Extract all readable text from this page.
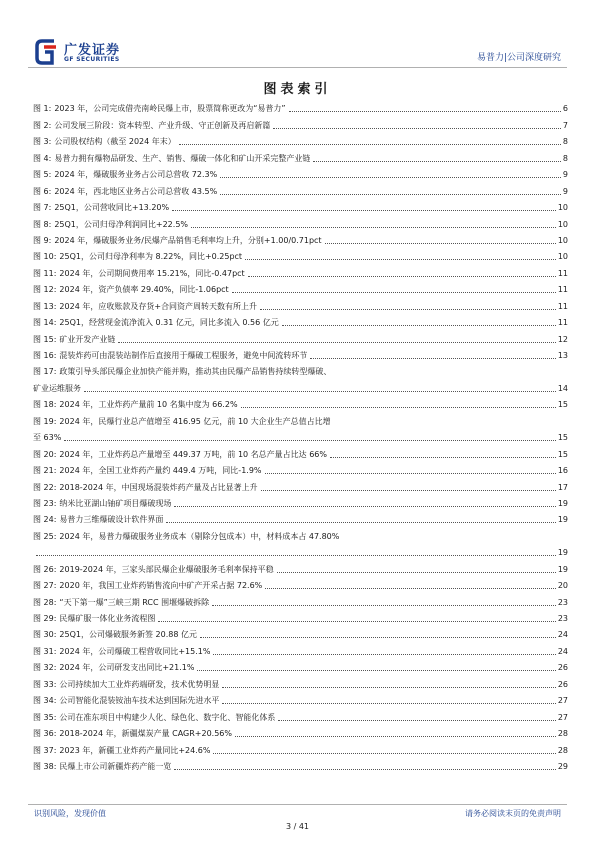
广发证券
GF SECURITIES	易普力|公司深度研究
图表索引
图 1: 2023 年，公司完成借壳南岭民爆上市，股票简称更改为“易普力”	6
图 2: 公司发展三阶段：资本转型、产业升级、守正创新及再启新篇	7
图 3: 公司股权结构（截至 2024 年末）	8
图 4: 易普力拥有爆物品研发、生产、销售、爆破一体化和矿山开采完整产业链	8
图 5: 2024 年，爆破服务业务占公司总营收 72.3%	9
图 6: 2024 年，西北地区业务占公司总营收 43.5%	9
图 7: 25Q1，公司营收同比+13.20%	10
图 8: 25Q1，公司归母净利润同比+22.5%	10
图 9: 2024 年，爆破服务业务/民爆产品销售毛利率均上升，分别+1.00/0.71pct	10
图 10: 25Q1，公司归母净利率为 8.22%，同比+0.25pct	10
图 11: 2024 年，公司期间费用率 15.21%，同比-0.47pct	11
图 12: 2024 年，资产负债率 29.40%，同比-1.06pct	11
图 13: 2024 年，应收账款及存货+合同资产周转天数有所上升	11
图 14: 25Q1，经营现金流净流入 0.31 亿元，同比多流入 0.56 亿元	11
图 15: 矿业开发产业链	12
图 16: 混装炸药可由混装站制作后直接用于爆破工程服务，避免中间流转环节	13
图 17: 政策引导头部民爆企业加快产能并购，推动其由民爆产品销售持续转型爆破、
矿业运维服务	14
图 18: 2024 年，工业炸药产量前 10 名集中度为 66.2%	15
图 19: 2024 年，民爆行业总产值增至 416.95 亿元，前 10 大企业生产总值占比增
至 63%	15
图 20: 2024 年，工业炸药总产量增至 449.37 万吨，前 10 名总产量占比达 66%	15
图 21: 2024 年，全国工业炸药产量约 449.4 万吨，同比-1.9%	16
图 22: 2018-2024 年，中国现场混装炸药产量及占比显著上升	17
图 23: 纳米比亚湖山铀矿项目爆破现场	19
图 24: 易普力三维爆破设计软件界面	19
图 25: 2024 年，易普力爆破服务业务成本（剔除分包成本）中，材料成本占 47.80%
19
图 26: 2019-2024 年，三家头部民爆企业爆破服务毛利率保持平稳	19
图 27: 2020 年，我国工业炸药销售流向中矿产开采占据 72.6%	20
图 28: “天下第一爆”三峡三期 RCC 围堰爆破拆除	23
图 29: 民爆矿服一体化业务流程图	23
图 30: 25Q1，公司爆破服务新签 20.88 亿元	24
图 31: 2024 年，公司爆破工程营收同比+15.1%	24
图 32: 2024 年，公司研发支出同比+21.1%	26
图 33: 公司持续加大工业炸药端研发，技术优势明显	26
图 34: 公司智能化混装铵油车技术达到国际先进水平	27
图 35: 公司在准东项目中构建少人化、绿色化、数字化、智能化体系	27
图 36: 2018-2024 年，新疆煤炭产量 CAGR+20.56%	28
图 37: 2023 年，新疆工业炸药产量同比+24.6%	28
图 38: 民爆上市公司新疆炸药产能一览	29
识别风险，发现价值	请务必阅读末页的免责声明
3 / 41
